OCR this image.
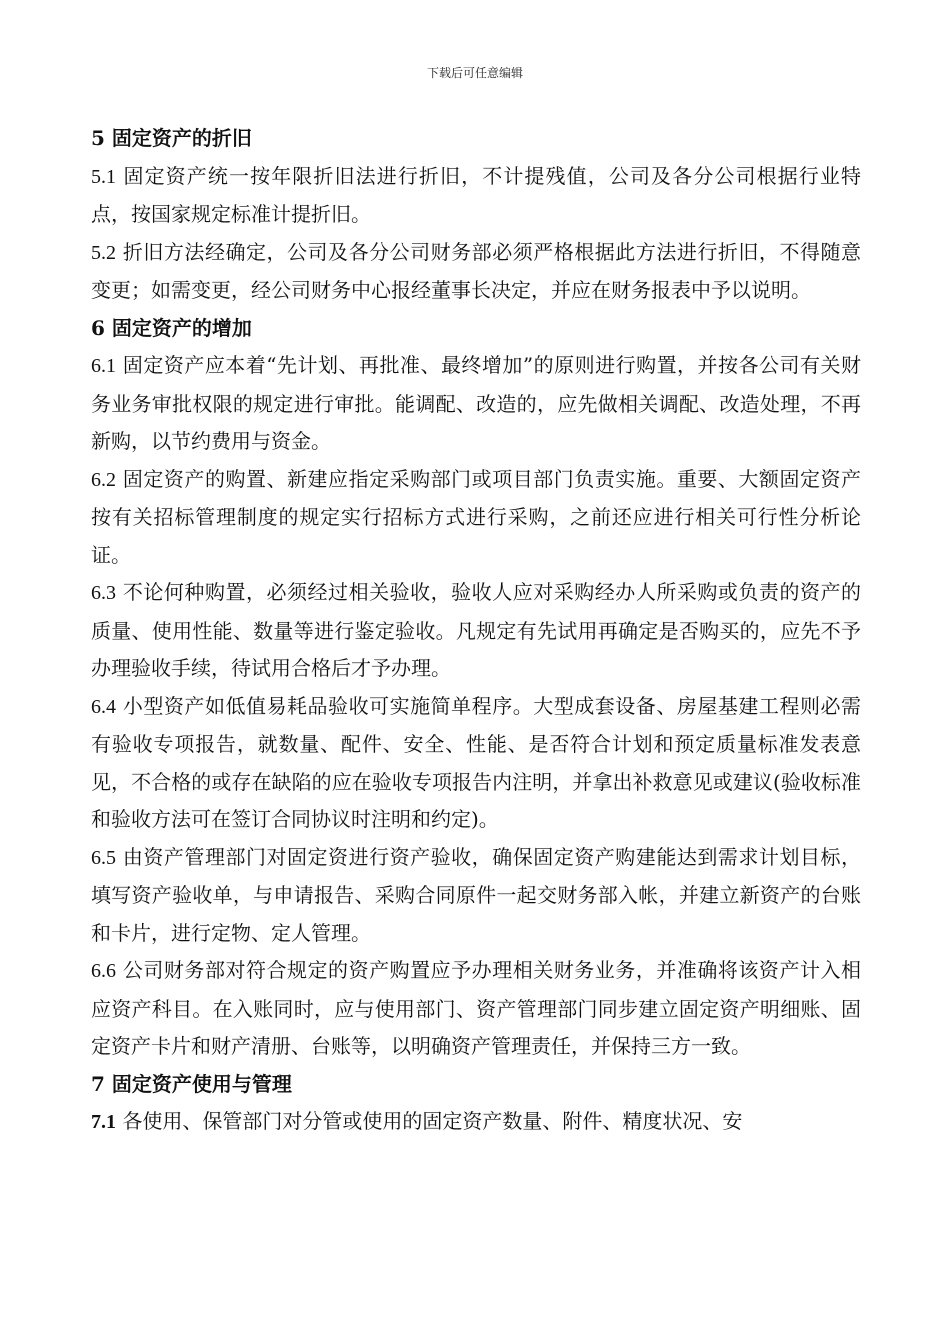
下载后可任意编辑

5 固定资产的折旧

5.1 固定资产统一按年限折旧法进行折旧，不计提残值，公司及各分公司根据行业特点，按国家规定标准计提折旧。

5.2 折旧方法经确定，公司及各分公司财务部必须严格根据此方法进行折旧，不得随意变更；如需变更，经公司财务中心报经董事长决定，并应在财务报表中予以说明。

6 固定资产的增加

6.1 固定资产应本着“先计划、再批准、最终增加”的原则进行购置，并按各公司有关财务业务审批权限的规定进行审批。能调配、改造的，应先做相关调配、改造处理，不再新购，以节约费用与资金。

6.2 固定资产的购置、新建应指定采购部门或项目部门负责实施。重要、大额固定资产按有关招标管理制度的规定实行招标方式进行采购，之前还应进行相关可行性分析论证。

6.3 不论何种购置，必须经过相关验收，验收人应对采购经办人所采购或负责的资产的质量、使用性能、数量等进行鉴定验收。凡规定有先试用再确定是否购买的，应先不予办理验收手续，待试用合格后才予办理。

6.4 小型资产如低值易耗品验收可实施简单程序。大型成套设备、房屋基建工程则必需有验收专项报告，就数量、配件、安全、性能、是否符合计划和预定质量标准发表意见，不合格的或存在缺陷的应在验收专项报告内注明，并拿出补救意见或建议(验收标准和验收方法可在签订合同协议时注明和约定)。

6.5 由资产管理部门对固定资进行资产验收，确保固定资产购建能达到需求计划目标，填写资产验收单，与申请报告、采购合同原件一起交财务部入帐，并建立新资产的台账和卡片，进行定物、定人管理。

6.6 公司财务部对符合规定的资产购置应予办理相关财务业务，并准确将该资产计入相应资产科目。在入账同时，应与使用部门、资产管理部门同步建立固定资产明细账、固定资产卡片和财产清册、台账等，以明确资产管理责任，并保持三方一致。

7 固定资产使用与管理

7.1 各使用、保管部门对分管或使用的固定资产数量、附件、精度状况、安
